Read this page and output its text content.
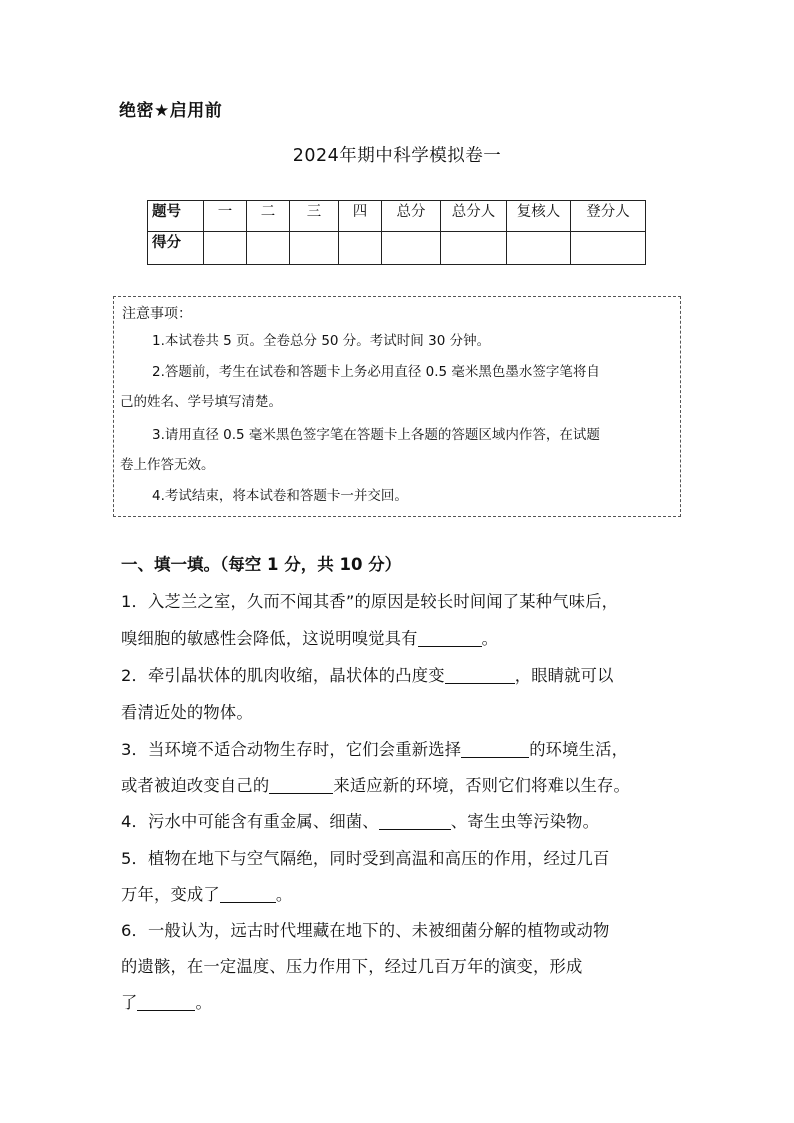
绝密★启用前
2024年期中科学模拟卷一
题号	一	二	三	四	总分	总分人	复核人	登分人
得分								
注意事项：
1.本试卷共 5 页。全卷总分 50 分。考试时间 30 分钟。
2.答题前，考生在试卷和答题卡上务必用直径 0.5 毫米黑色墨水签字笔将自
己的姓名、学号填写清楚。
3.请用直径 0.5 毫米黑色签字笔在答题卡上各题的答题区域内作答，在试题
卷上作答无效。
4.考试结束，将本试卷和答题卡一并交回。
一、填一填。（每空 1 分，共 10 分）
1．入芝兰之室，久而不闻其香”的原因是较长时间闻了某种气味后，
嗅细胞的敏感性会降低，这说明嗅觉具有	。
2．牵引晶状体的肌肉收缩，晶状体的凸度变	，眼睛就可以
看清近处的物体。
3．当环境不适合动物生存时，它们会重新选择	的环境生活，
或者被迫改变自己的	来适应新的环境，否则它们将难以生存。
4．污水中可能含有重金属、细菌、	、寄生虫等污染物。
5．植物在地下与空气隔绝，同时受到高温和高压的作用，经过几百
万年，变成了	。
6．一般认为，远古时代埋藏在地下的、未被细菌分解的植物或动物
的遗骸，在一定温度、压力作用下，经过几百万年的演变，形成
了	。
